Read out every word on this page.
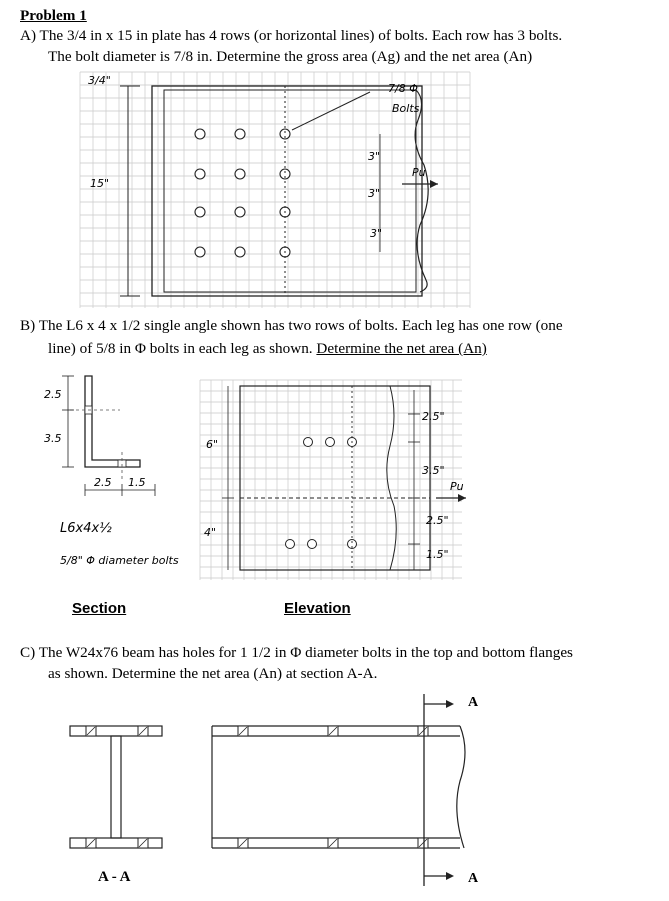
Problem 1
A) The 3/4 in x 15 in plate has 4 rows (or horizontal lines) of bolts. Each row has 3 bolts.
The bolt diameter is 7/8 in. Determine the gross area (Ag) and the net area (An)
B) The L6 x 4 x 1/2 single angle shown has two rows of bolts. Each leg has one row (one
line) of 5/8 in Φ bolts in each leg as shown. Determine the net area (An)
C) The W24x76 beam has holes for 1 1/2 in Φ diameter bolts in the top and bottom flanges
as shown. Determine the net area (An) at section A-A.
3/4"
15"
7/8 Φ
Bolts
3"
3"
3"
Pu
2.5
3.5
2.5 1.5
L6x4x½
5/8" Φ diameter bolts
Section	Elevation
6"
4"
2.5"
3.5"
2.5"
1.5"
Pu
A - A
A
A
